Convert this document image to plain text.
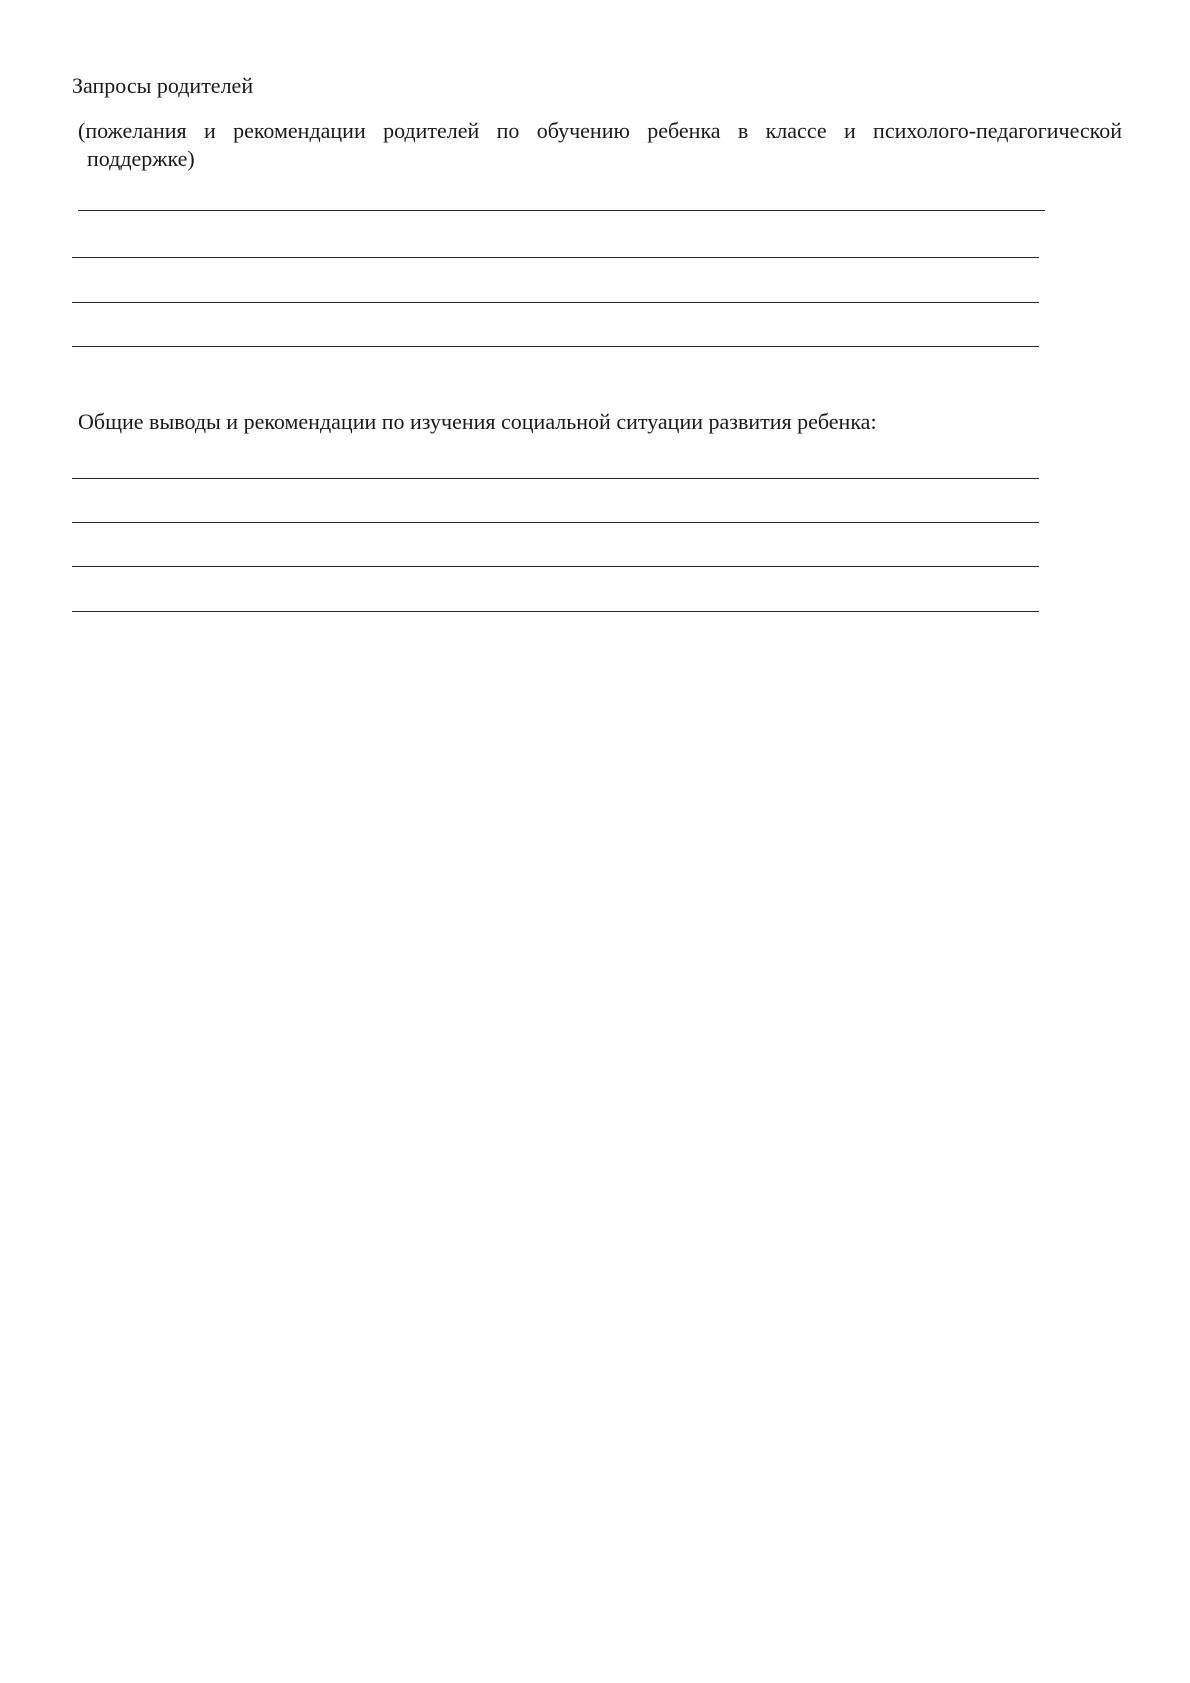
Запросы родителей
(пожелания и рекомендации родителей по обучению ребенка в классе и психолого-педагогической
поддержке)
Общие выводы и рекомендации по изучения социальной ситуации развития ребенка:
